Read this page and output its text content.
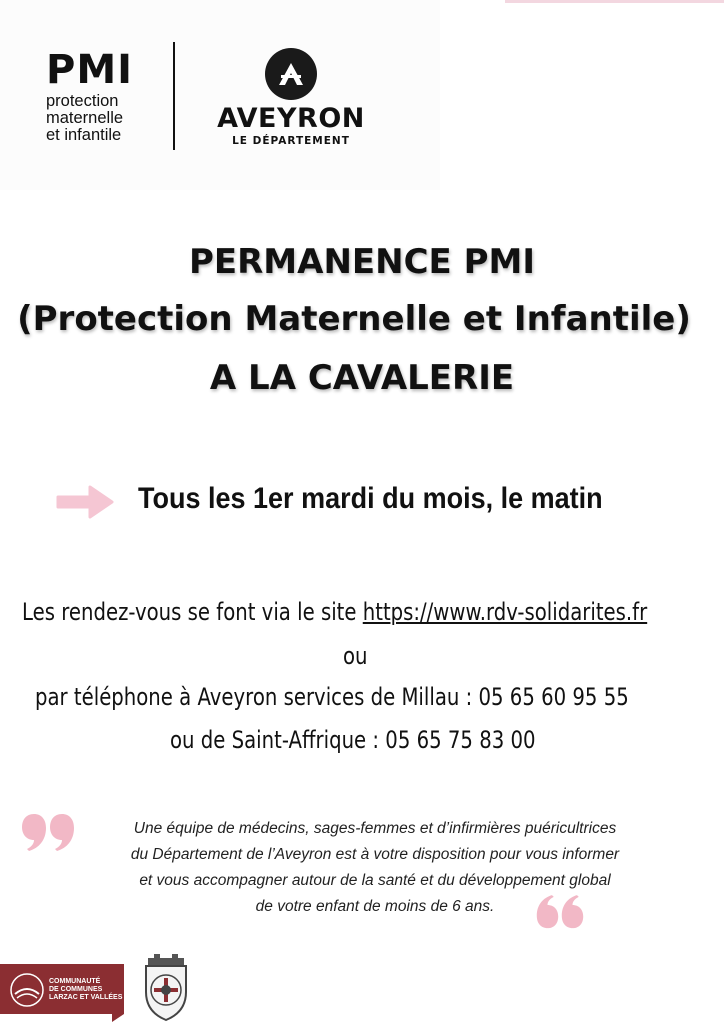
PMI
protection
maternelle
et infantile
AVEYRON
LE DÉPARTEMENT
PERMANENCE PMI
(Protection Maternelle et Infantile)
A LA CAVALERIE
Tous les 1er mardi du mois, le matin
Les rendez-vous se font via le site https://www.rdv-solidarites.fr
ou
par téléphone à Aveyron services de Millau : 05 65 60 95 55
ou de Saint-Affrique : 05 65 75 83 00
Une équipe de médecins, sages-femmes et d’infirmières puéricultrices
du Département de l’Aveyron est à votre disposition pour vous informer
et vous accompagner autour de la santé et du développement global
de votre enfant de moins de 6 ans.
COMMUNAUTÉ
DE COMMUNES
LARZAC ET VALLÉES
